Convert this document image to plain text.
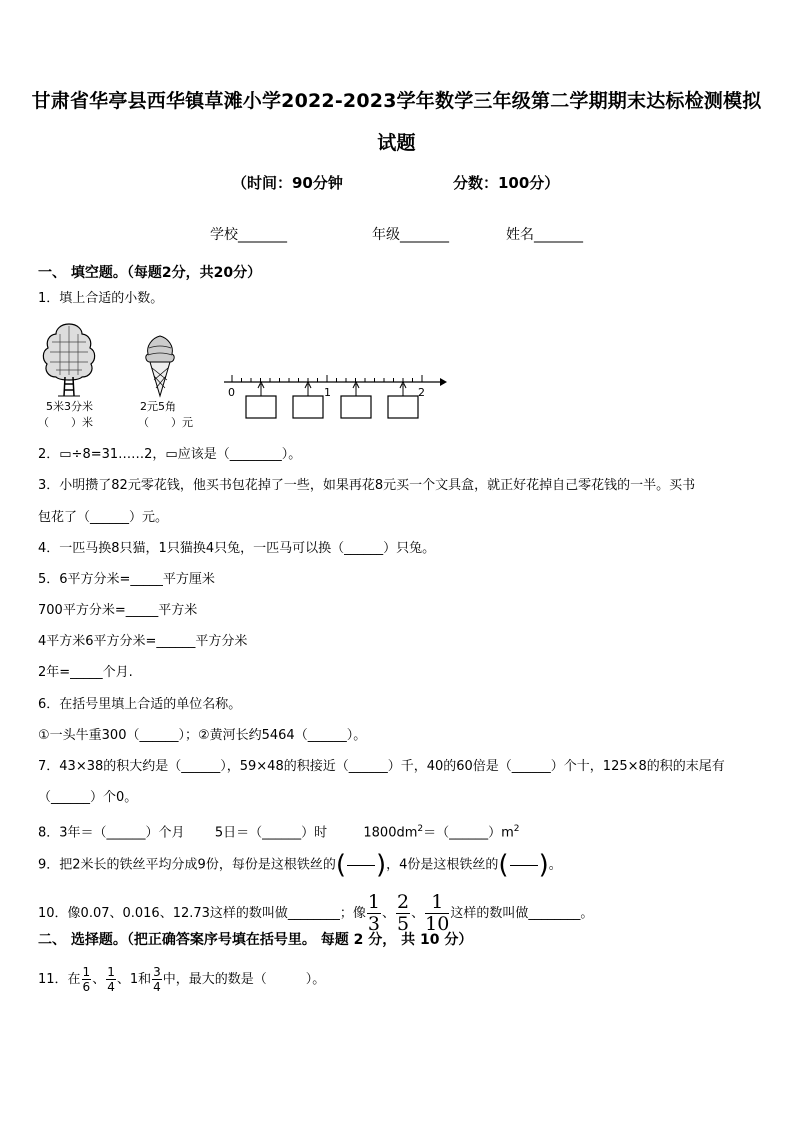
甘肃省华亭县西华镇草滩小学2022-2023学年数学三年级第二学期期末达标检测模拟
试题
（时间：90分钟	分数：100分）
学校_______	年级_______	姓名_______
一、 填空题。（每题2分，共20分）
1．填上合适的小数。
5米3分米
（　　）米
2元5角
（　　）元
0	1	2
2．▭÷8=31……2，▭应该是（________）。
3．小明攒了82元零花钱，他买书包花掉了一些，如果再花8元买一个文具盒，就正好花掉自己零花钱的一半。买书
包花了（______）元。
4．一匹马换8只猫，1只猫换4只兔，一匹马可以换（______）只兔。
5．6平方分米=_____平方厘米
700平方分米=_____平方米
4平方米6平方分米=______平方分米
2年=_____个月.
6．在括号里填上合适的单位名称。
①一头牛重300（______）；②黄河长约5464（______）。
7．43×38的积大约是（______），59×48的积接近（______）千，40的60倍是（______）个十，125×8的积的末尾有
（______）个0。
8．3年＝（______）个月 5日＝（______）时	$1800dm^2=(\_\_\_\_\_\_)m^2$
9．把2米长的铁丝平均分成9份，每份是这根铁丝的( )，4份是这根铁丝的( )。
10．像0.07、0.016、12.73这样的数叫做________；像 $\frac{1}{3}$ 、 $\frac{2}{5}$ 、 $\frac{1}{10}$ 这样的数叫做________。
二、 选择题。（把正确答案序号填在括号里。 每题 2 分， 共 10 分）
11．在 $\frac{1}{6}$ 、 $\frac{1}{4}$ 、1和 $\frac{3}{4}$ 中，最大的数是（　　　）。
